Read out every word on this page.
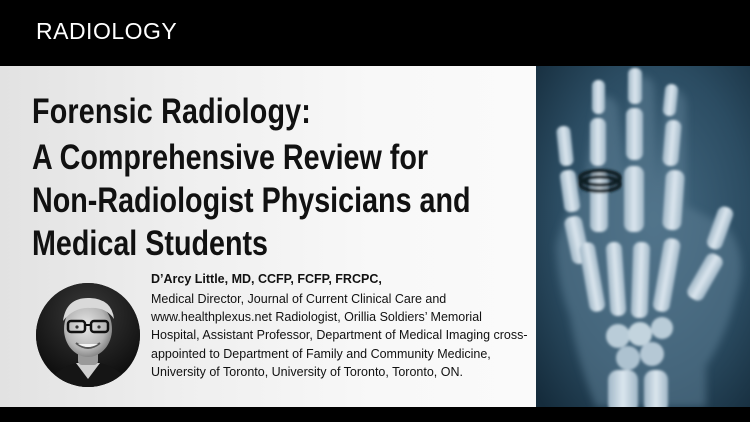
RADIOLOGY
Forensic Radiology:
A Comprehensive Review for
Non-Radiologist Physicians and
Medical Students

D’Arcy Little, MD, CCFP, FCFP, FRCPC,

Medical Director, Journal of Current Clinical Care and www.healthplexus.net Radiologist, Orillia Soldiers’ Memorial Hospital, Assistant Professor, Department of Medical Imaging cross-appointed to Department of Family and Community Medicine, University of Toronto, University of Toronto, Toronto, ON.
